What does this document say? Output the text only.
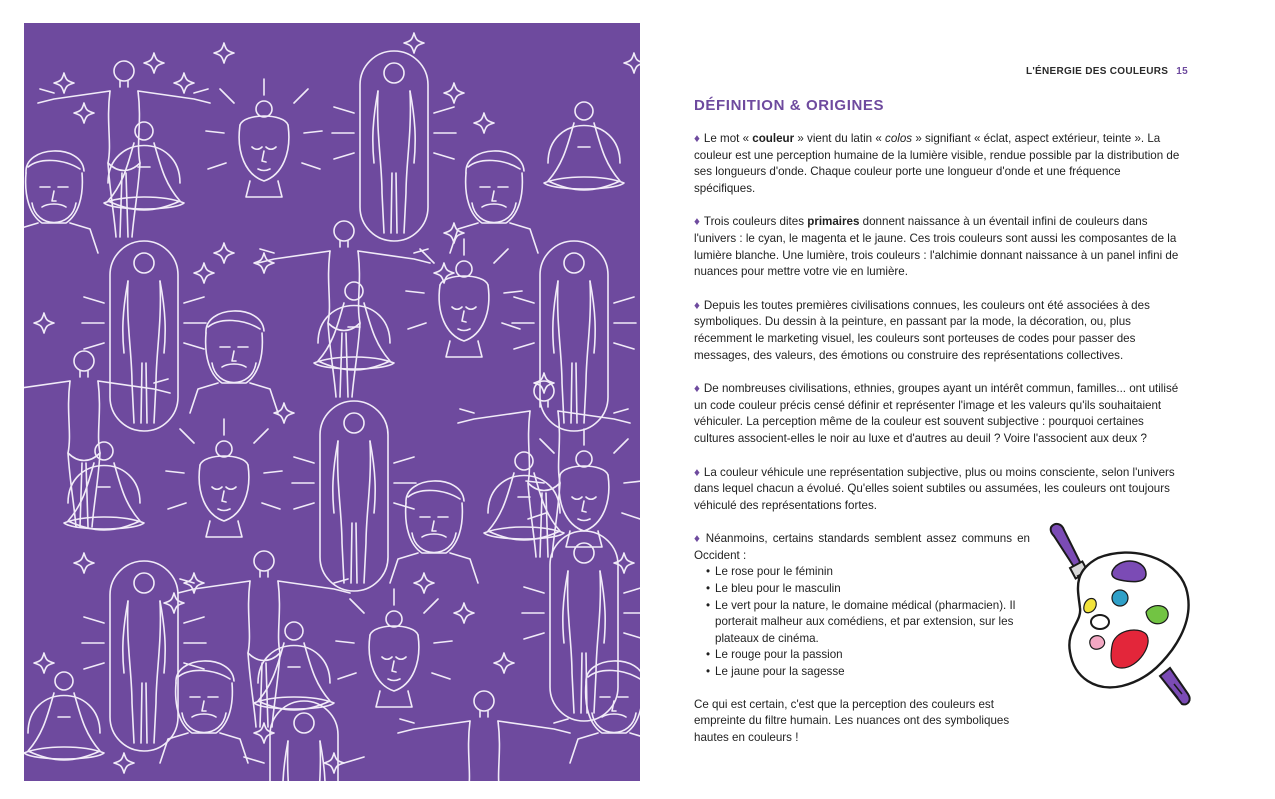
L'ÉNERGIE DES COULEURS 15
DÉFINITION & ORIGINES

♦ Le mot « couleur » vient du latin « colos » signifiant « éclat, aspect extérieur, teinte ». La couleur est une perception humaine de la lumière visible, rendue possible par la distribution de ses longueurs d'onde. Chaque couleur porte une longueur d'onde et une fréquence spécifiques.

♦ Trois couleurs dites primaires donnent naissance à un éventail infini de couleurs dans l'univers : le cyan, le magenta et le jaune. Ces trois couleurs sont aussi les composantes de la lumière blanche. Une lumière, trois couleurs : l'alchimie donnant naissance à un panel infini de nuances pour mettre votre vie en lumière.

♦ Depuis les toutes premières civilisations connues, les couleurs ont été associées à des symboliques. Du dessin à la peinture, en passant par la mode, la décoration, ou, plus récemment le marketing visuel, les couleurs sont porteuses de codes pour passer des messages, des valeurs, des émotions ou construire des représentations collectives.

♦ De nombreuses civilisations, ethnies, groupes ayant un intérêt commun, familles... ont utilisé un code couleur précis censé définir et représenter l'image et les valeurs qu'ils souhaitaient véhiculer. La perception même de la couleur est souvent subjective : pourquoi certaines cultures associent-elles le noir au luxe et d'autres au deuil ? Voire l'associent aux deux ?

♦ La couleur véhicule une représentation subjective, plus ou moins consciente, selon l'univers dans lequel chacun a évolué. Qu'elles soient subtiles ou assumées, les couleurs ont toujours véhiculé des représentations fortes.

♦ Néanmoins, certains standards semblent assez communs en Occident :

• Le rose pour le féminin
• Le bleu pour le masculin
• Le vert pour la nature, le domaine médical (pharmacien). Il porterait malheur aux comédiens, et par extension, sur les plateaux de cinéma.
• Le rouge pour la passion
• Le jaune pour la sagesse

Ce qui est certain, c'est que la perception des couleurs est empreinte du filtre humain. Les nuances ont des symboliques hautes en couleurs !
